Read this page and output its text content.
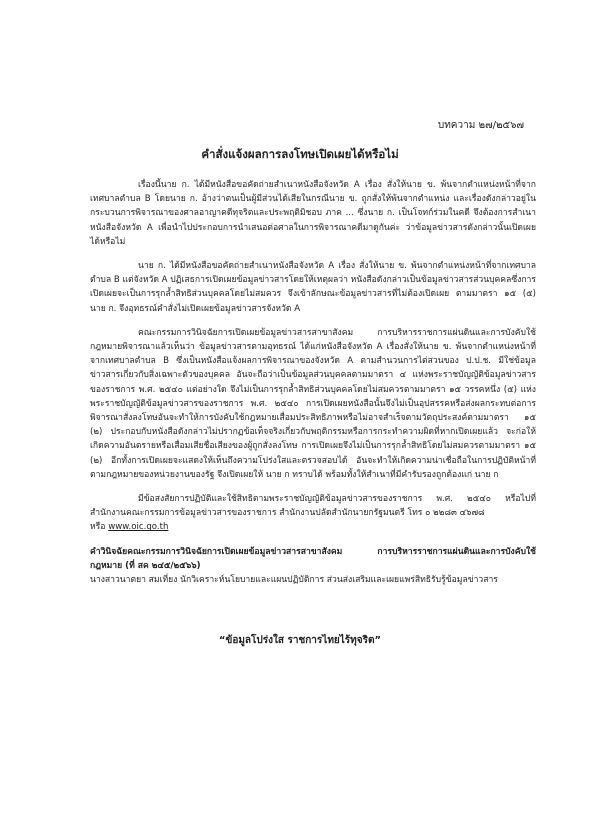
บทความ ๒๗/๒๕๖๗
คำสั่งแจ้งผลการลงโทษเปิดเผยได้หรือไม่

เรื่องนี้นาย ก. ได้มีหนังสือขอคัดถ่ายสำเนาหนังสือจังหวัด A เรื่อง สั่งให้นาย ข. พ้นจากตำแหน่งหน้าที่จากเทศบาลตำบล B โดยนาย ก. อ้างว่าตนเป็นผู้มีส่วนได้เสียในกรณีนาย ข. ถูกสั่งให้พ้นจากตำแหน่ง และเรื่องดังกล่าวอยู่ในกระบวนการพิจารณาของศาลอาญาคดีทุจริตและประพฤติมิชอบ ภาค ... ซึ่งนาย ก. เป็นโจทก์ร่วมในคดี จึงต้องการสำเนาหนังสือจังหวัด A เพื่อนำไปประกอบการนำเสนอต่อศาลในการพิจารณาคดีมาดูกันค่ะ ว่าข้อมูลข่าวสารดังกล่าวนั้นเปิดเผยได้หรือไม่

นาย ก. ได้มีหนังสือขอคัดถ่ายสำเนาหนังสือจังหวัด A เรื่อง สั่งให้นาย ข. พ้นจากตำแหน่งหน้าที่จากเทศบาลตำบล B แต่จังหวัด A ปฏิเสธการเปิดเผยข้อมูลข่าวสารโดยให้เหตุผลว่า หนังสือดังกล่าวเป็นข้อมูลข่าวสารส่วนบุคคลซึ่งการเปิดเผยจะเป็นการรุกล้ำสิทธิส่วนบุคคลโดยไม่สมควร จึงเข้าลักษณะข้อมูลข่าวสารที่ไม่ต้องเปิดเผย ตามมาตรา ๑๕ (๕) นาย ก. จึงอุทธรณ์คำสั่งไม่เปิดเผยข้อมูลข่าวสารจังหวัด A

คณะกรรมการวินิจฉัยการเปิดเผยข้อมูลข่าวสารสาขาสังคม การบริหารราชการแผ่นดินและการบังคับใช้กฎหมายพิจารณาแล้วเห็นว่า ข้อมูลข่าวสารตามอุทธรณ์ ได้แก่หนังสือจังหวัด A เรื่องสั่งให้นาย ข. พ้นจากตำแหน่งหน้าที่จากเทศบาลตำบล B ซึ่งเป็นหนังสือแจ้งผลการพิจารณาของจังหวัด A ตามสำนวนการไต่สวนของ ป.ป.ช. มีใช่ข้อมูลข่าวสารเกี่ยวกับสิ่งเฉพาะตัวของบุคคล อันจะถือว่าเป็นข้อมูลส่วนบุคคลตามมาตรา ๔ แห่งพระราชบัญญัติข้อมูลข่าวสารของราชการ พ.ศ. ๒๕๔๐ แต่อย่างใด จึงไม่เป็นการรุกล้ำสิทธิส่วนบุคคลโดยไม่สมควรตามมาตรา ๑๕ วรรคหนึ่ง (๕) แห่งพระราชบัญญัติข้อมูลข่าวสารของราชการ พ.ศ. ๒๕๔๐ การเปิดเผยหนังสือนั้นจึงไม่เป็นอุปสรรคหรือส่งผลกระทบต่อการพิจารณาสั่งลงโทษอันจะทำให้การบังคับใช้กฎหมายเสื่อมประสิทธิภาพหรือไม่อาจสำเร็จตามวัตถุประสงค์ตามมาตรา ๑๕ (๒) ประกอบกับหนังสือดังกล่าวไม่ปรากฏข้อเท็จจริงเกี่ยวกับพฤติกรรมหรือการกระทำความผิดที่หากเปิดเผยแล้ว จะก่อให้เกิดความอันตรายหรือเสื่อมเสียชื่อเสียงของผู้ถูกสั่งลงโทษ การเปิดเผยจึงไม่เป็นการรุกล้ำสิทธิโดยไม่สมควรตามมาตรา ๑๕ (๒) อีกทั้งการเปิดเผยจะแสดงให้เห็นถึงความโปร่งใสและตรวจสอบได้ อันจะทำให้เกิดความน่าเชื่อถือในการปฏิบัติหน้าที่ตามกฎหมายของหน่วยงานของรัฐ จึงเปิดเผยให้ นาย ก ทราบได้ พร้อมทั้งให้สำเนาที่มีคำรับรองถูกต้องแก่ นาย ก

มีข้อสงสัยการปฏิบัติและใช้สิทธิตามพระราชบัญญัติข้อมูลข่าวสารของราชการ พ.ศ. ๒๕๔๐ หรือไปที่สำนักงานคณะกรรมการข้อมูลข่าวสารของราชการ สำนักงานปลัดสำนักนายกรัฐมนตรี โทร ๐ ๒๒๘๓ ๔๖๗๘

หรือ www.oic.go.th

คำวินิจฉัยคณะกรรมการวินิจฉัยการเปิดเผยข้อมูลข่าวสารสาขาสังคม การบริหารราชการแผ่นดินและการบังคับใช้กฎหมาย (ที่ สค ๒๔๕/๒๕๖๖)

นางสาวนาตยา สมเที่ยง นักวิเคราะห์นโยบายและแผนปฏิบัติการ ส่วนส่งเสริมและเผยแพร่สิทธิรับรู้ข้อมูลข่าวสาร

“ข้อมูลโปร่งใส ราชการไทยไร้ทุจริต”
